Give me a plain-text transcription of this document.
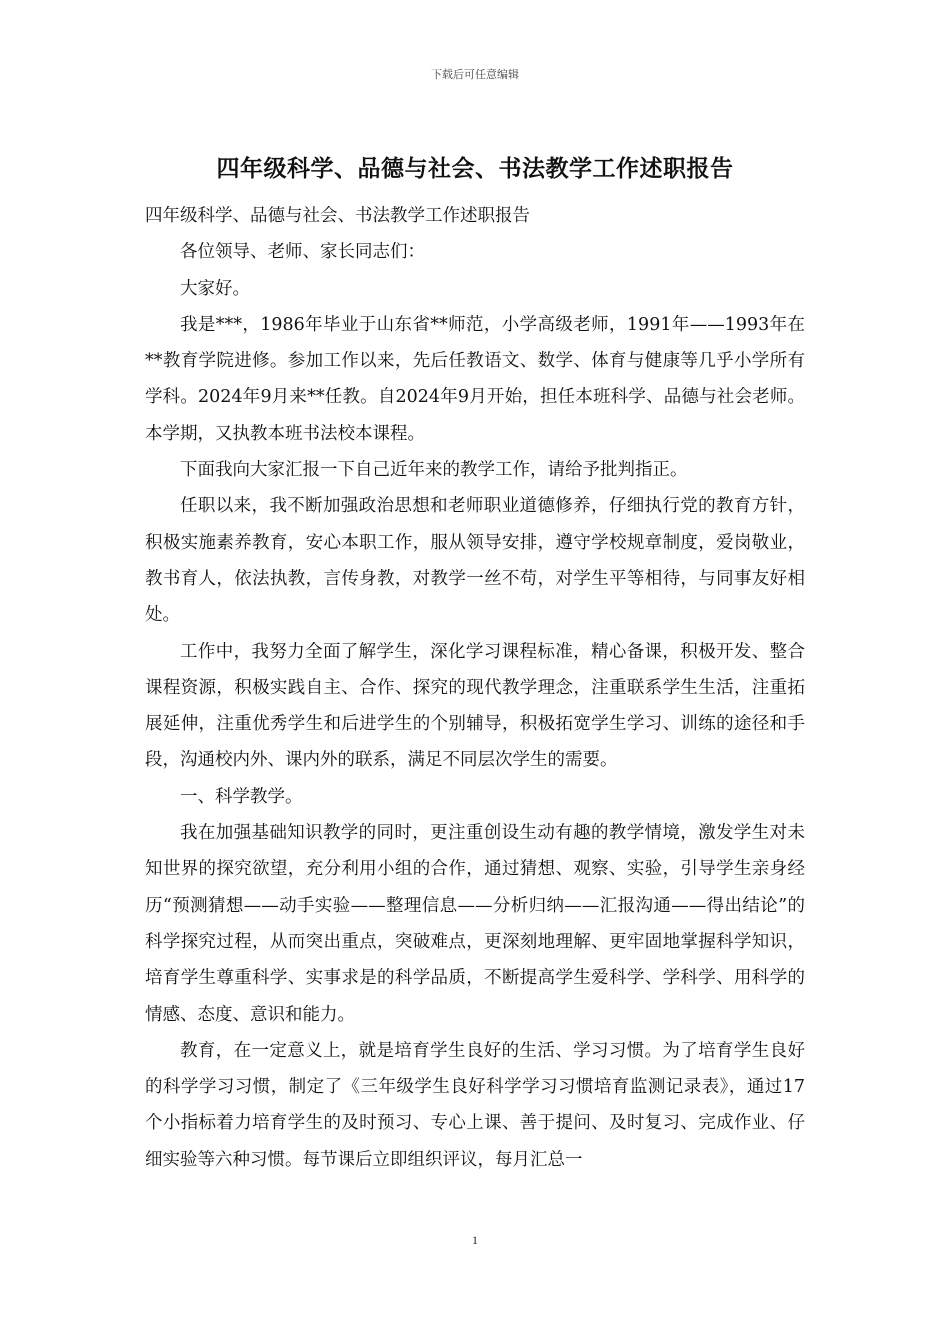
下载后可任意编辑
四年级科学、品德与社会、书法教学工作述职报告

四年级科学、品德与社会、书法教学工作述职报告

各位领导、老师、家长同志们：

大家好。

我是***，1986年毕业于山东省**师范，小学高级老师，1991年——1993年在**教育学院进修。参加工作以来，先后任教语文、数学、体育与健康等几乎小学所有学科。2024年9月来**任教。自2024年9月开始，担任本班科学、品德与社会老师。本学期，又执教本班书法校本课程。

下面我向大家汇报一下自己近年来的教学工作，请给予批判指正。

任职以来，我不断加强政治思想和老师职业道德修养，仔细执行党的教育方针，积极实施素养教育，安心本职工作，服从领导安排，遵守学校规章制度，爱岗敬业，教书育人，依法执教，言传身教，对教学一丝不苟，对学生平等相待，与同事友好相处。

工作中，我努力全面了解学生，深化学习课程标准，精心备课，积极开发、整合课程资源，积极实践自主、合作、探究的现代教学理念，注重联系学生生活，注重拓展延伸，注重优秀学生和后进学生的个别辅导，积极拓宽学生学习、训练的途径和手段，沟通校内外、课内外的联系，满足不同层次学生的需要。

一、科学教学。

我在加强基础知识教学的同时，更注重创设生动有趣的教学情境，激发学生对未知世界的探究欲望，充分利用小组的合作，通过猜想、观察、实验，引导学生亲身经历“预测猜想——动手实验——整理信息——分析归纳——汇报沟通——得出结论”的科学探究过程，从而突出重点，突破难点，更深刻地理解、更牢固地掌握科学知识，培育学生尊重科学、实事求是的科学品质，不断提高学生爱科学、学科学、用科学的情感、态度、意识和能力。

教育，在一定意义上，就是培育学生良好的生活、学习习惯。为了培育学生良好的科学学习习惯，制定了《三年级学生良好科学学习习惯培育监测记录表》，通过17个小指标着力培育学生的及时预习、专心上课、善于提问、及时复习、完成作业、仔细实验等六种习惯。每节课后立即组织评议，每月汇总一

1
